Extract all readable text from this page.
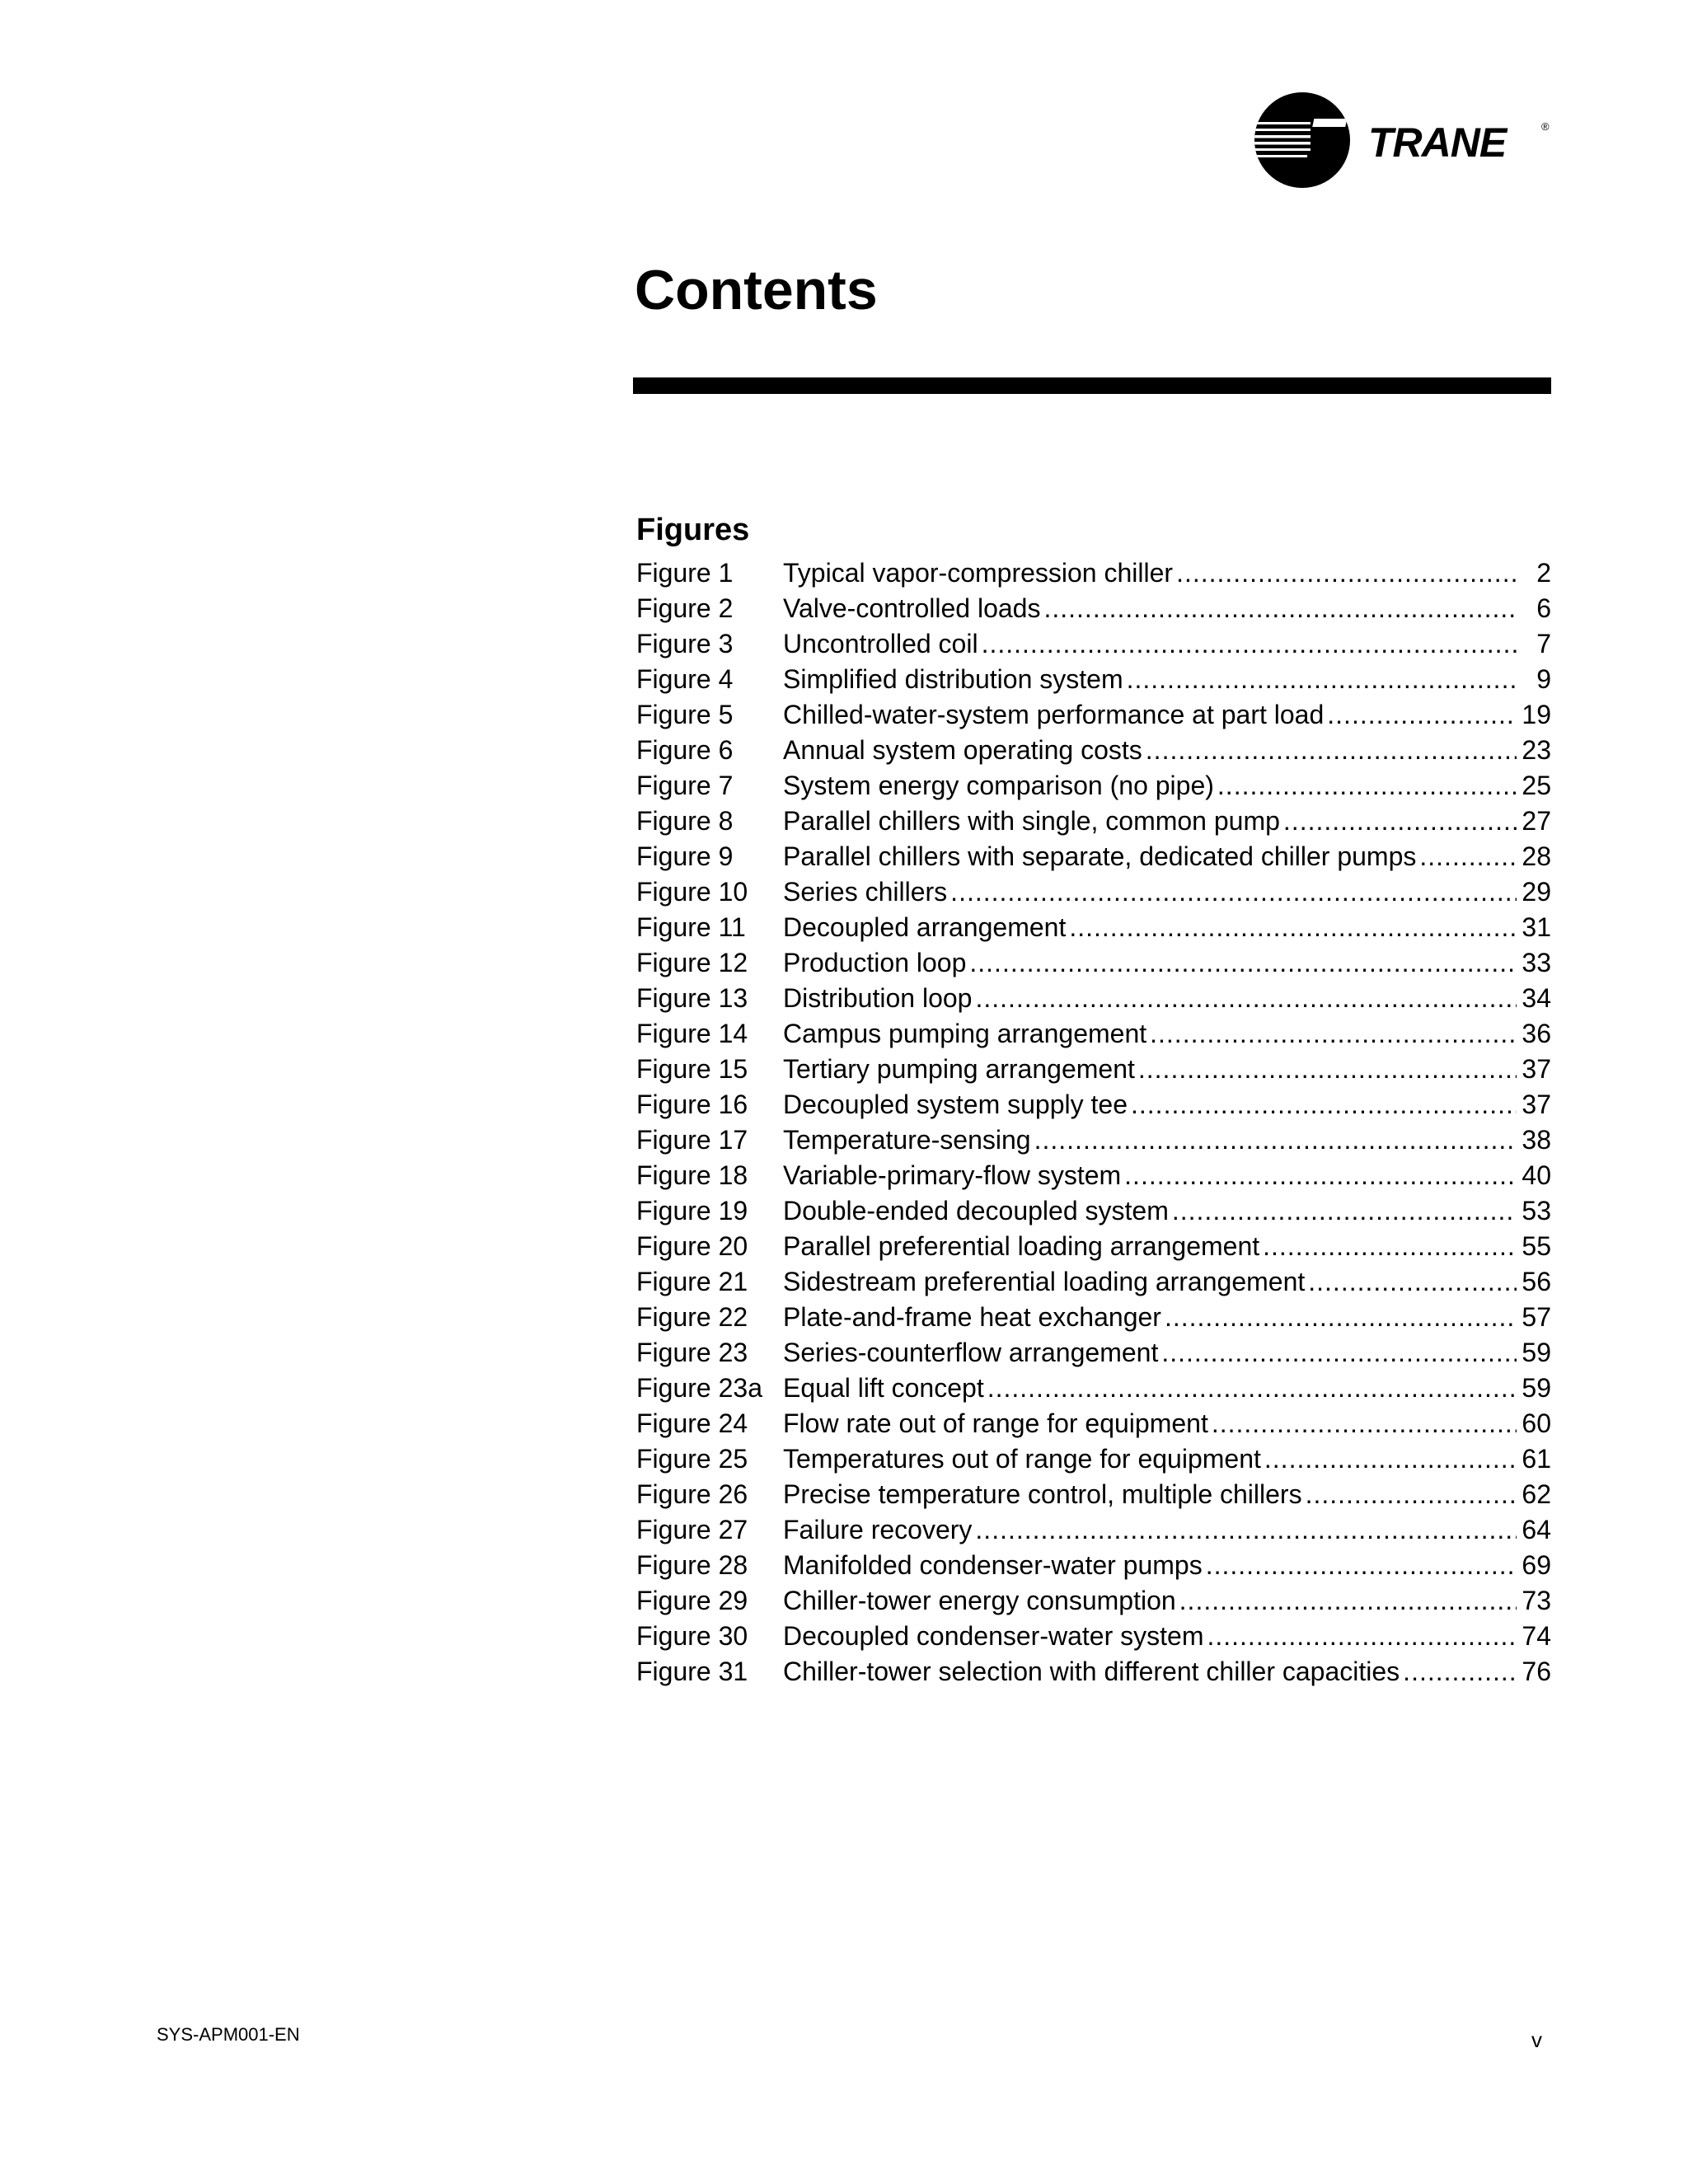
TRANE	®
Contents
Figures
Figure 1	Typical vapor-compression chiller .....	2
Figure 2	Valve-controlled loads .....	6
Figure 3	Uncontrolled coil .....	7
Figure 4	Simplified distribution system .....	9
Figure 5	Chilled-water-system performance at part load .....	19
Figure 6	Annual system operating costs .....	23
Figure 7	System energy comparison (no pipe) .....	25
Figure 8	Parallel chillers with single, common pump .....	27
Figure 9	Parallel chillers with separate, dedicated chiller pumps .....	28
Figure 10	Series chillers .....	29
Figure 11	Decoupled arrangement .....	31
Figure 12	Production loop .....	33
Figure 13	Distribution loop .....	34
Figure 14	Campus pumping arrangement .....	36
Figure 15	Tertiary pumping arrangement .....	37
Figure 16	Decoupled system supply tee .....	37
Figure 17	Temperature-sensing .....	38
Figure 18	Variable-primary-flow system .....	40
Figure 19	Double-ended decoupled system .....	53
Figure 20	Parallel preferential loading arrangement .....	55
Figure 21	Sidestream preferential loading arrangement .....	56
Figure 22	Plate-and-frame heat exchanger .....	57
Figure 23	Series-counterflow arrangement .....	59
Figure 23a Equal lift concept .....	59
Figure 24	Flow rate out of range for equipment .....	60
Figure 25	Temperatures out of range for equipment .....	61
Figure 26	Precise temperature control, multiple chillers .....	62
Figure 27	Failure recovery .....	64
Figure 28	Manifolded condenser-water pumps .....	69
Figure 29	Chiller-tower energy consumption .....	73
Figure 30	Decoupled condenser-water system .....	74
Figure 31	Chiller-tower selection with different chiller capacities .....	76
SYS-APM001-EN	v
